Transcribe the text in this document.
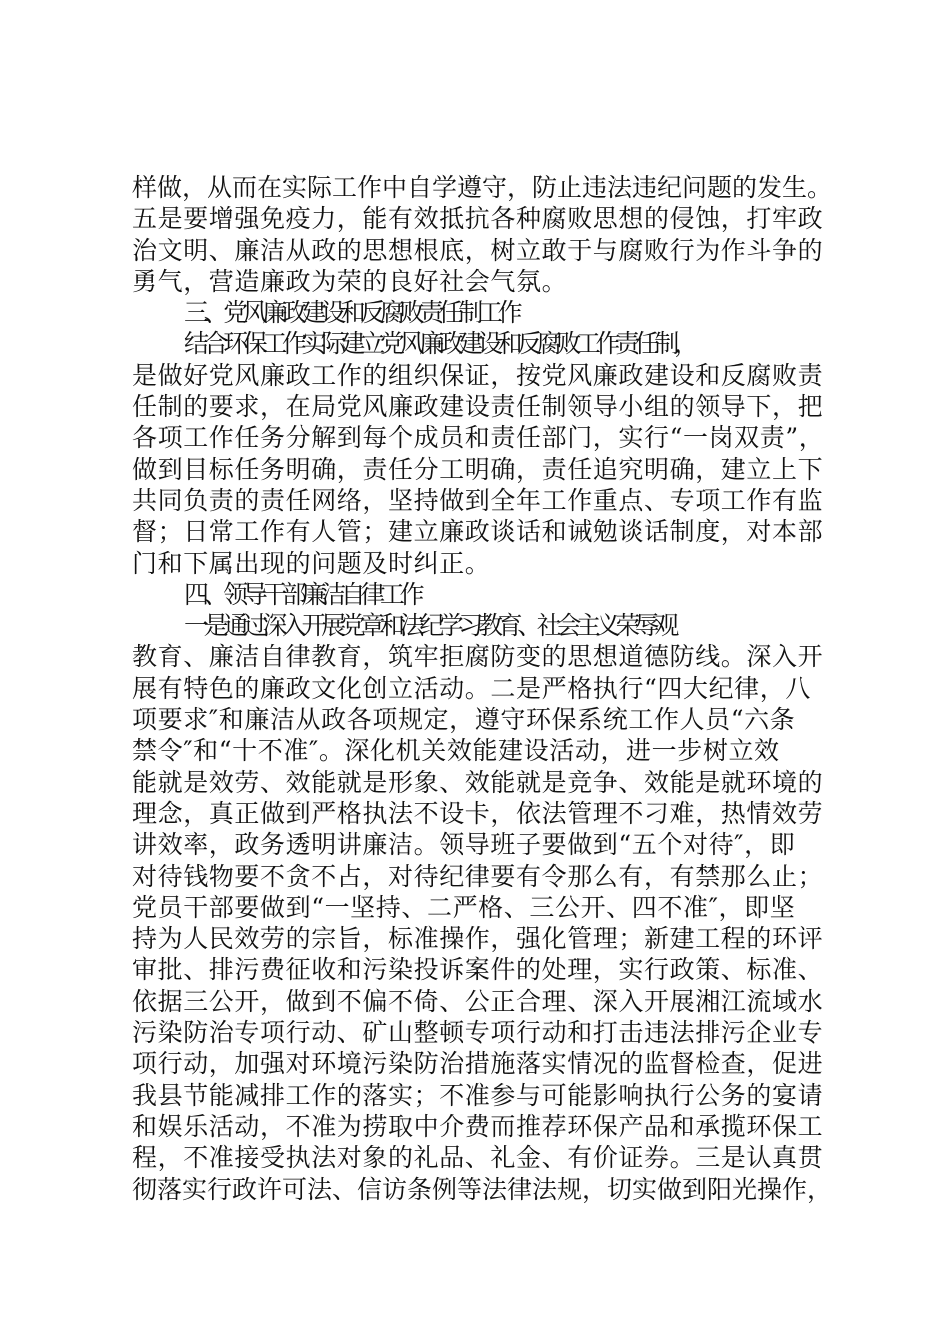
样做，从而在实际工作中自学遵守，防止违法违纪问题的发生。
五是要增强免疫力，能有效抵抗各种腐败思想的侵蚀，打牢政
治文明、廉洁从政的思想根底，树立敢于与腐败行为作斗争的
勇气，营造廉政为荣的良好社会气氛。
三、党风廉政建设和反腐败责任制工作
结合环保工作实际建立党风廉政建设和反腐败工作责任制，
是做好党风廉政工作的组织保证，按党风廉政建设和反腐败责
任制的要求，在局党风廉政建设责任制领导小组的领导下，把
各项工作任务分解到每个成员和责任部门，实行“一岗双责”，
做到目标任务明确，责任分工明确，责任追究明确，建立上下
共同负责的责任网络，坚持做到全年工作重点、专项工作有监
督；日常工作有人管；建立廉政谈话和诫勉谈话制度，对本部
门和下属出现的问题及时纠正。
四、领导干部廉洁自律工作
一是通过深入开展党章和法纪学习教育、社会主义荣辱观
教育、廉洁自律教育，筑牢拒腐防变的思想道德防线。深入开
展有特色的廉政文化创立活动。二是严格执行“四大纪律，八
项要求″和廉洁从政各项规定，遵守环保系统工作人员“六条
禁令″和“十不准″。深化机关效能建设活动，进一步树立效
能就是效劳、效能就是形象、效能就是竞争、效能是就环境的
理念，真正做到严格执法不设卡，依法管理不刁难，热情效劳
讲效率，政务透明讲廉洁。领导班子要做到“五个对待″，即
对待钱物要不贪不占，对待纪律要有令那么有，有禁那么止；
党员干部要做到“一坚持、二严格、三公开、四不准″，即坚
持为人民效劳的宗旨，标准操作，强化管理；新建工程的环评
审批、排污费征收和污染投诉案件的处理，实行政策、标准、
依据三公开，做到不偏不倚、公正合理、深入开展湘江流域水
污染防治专项行动、矿山整顿专项行动和打击违法排污企业专
项行动，加强对环境污染防治措施落实情况的监督检查，促进
我县节能减排工作的落实；不准参与可能影响执行公务的宴请
和娱乐活动，不准为捞取中介费而推荐环保产品和承揽环保工
程，不准接受执法对象的礼品、礼金、有价证券。三是认真贯
彻落实行政许可法、信访条例等法律法规，切实做到阳光操作，
